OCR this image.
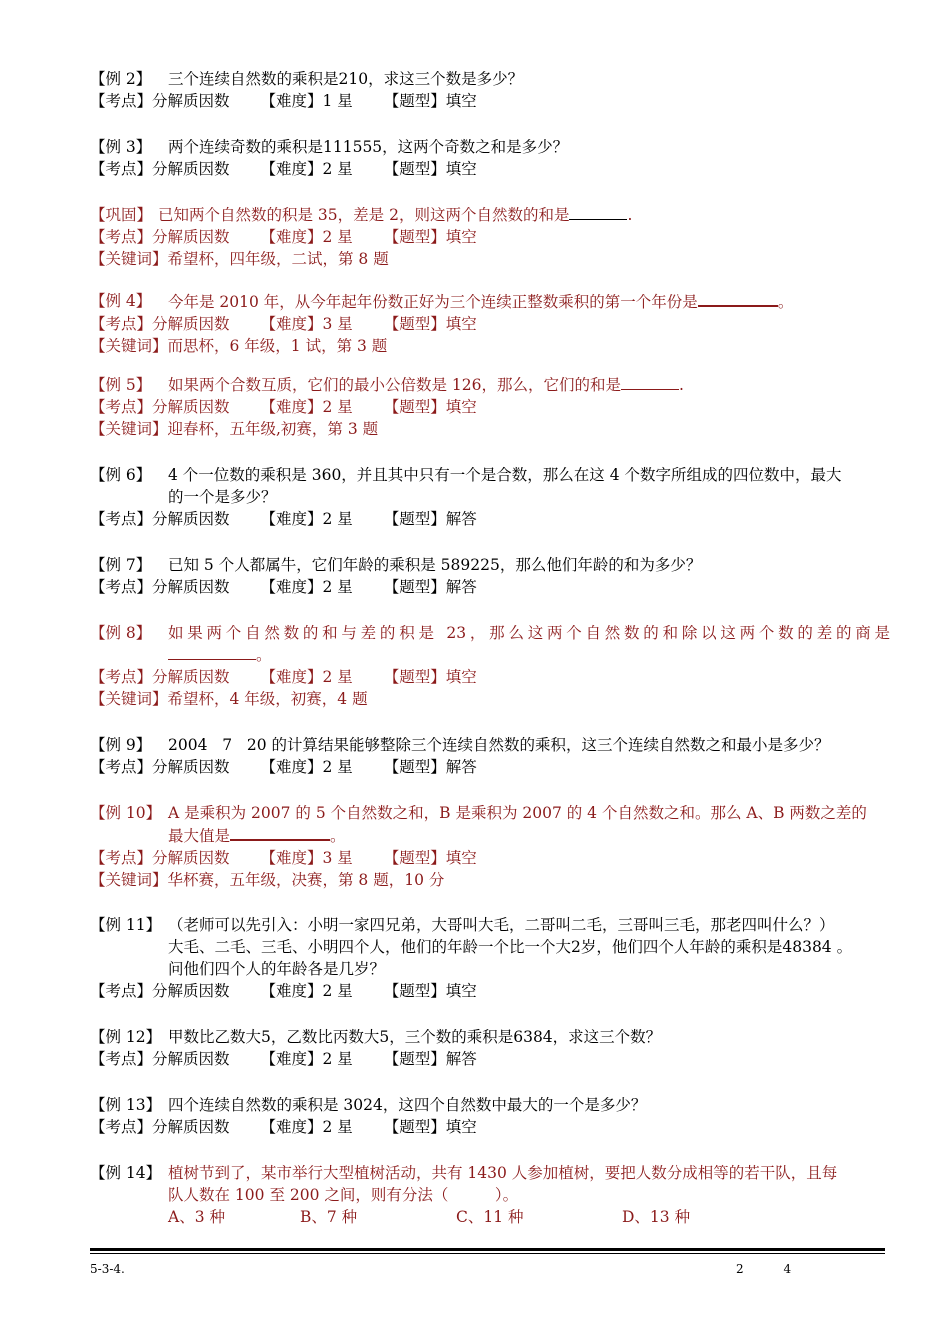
【例 2】	三个连续自然数的乘积是210，求这三个数是多少？
【考点】分解质因数 【难度】1 星 【题型】填空
【例 3】	两个连续奇数的乘积是111555，这两个奇数之和是多少？
【考点】分解质因数 【难度】2 星 【题型】填空
【巩固】 已知两个自然数的积是 35，差是 2，则这两个自然数的和是	.
【考点】分解质因数 【难度】2 星 【题型】填空
【关键词】希望杯，四年级，二试，第 8 题
【例 4】	今年是 2010 年，从今年起年份数正好为三个连续正整数乘积的第一个年份是	。
【考点】分解质因数 【难度】3 星 【题型】填空
【关键词】而思杯，6 年级，1 试，第 3 题
【例 5】	如果两个合数互质，它们的最小公倍数是 126，那么，它们的和是	.
【考点】分解质因数 【难度】2 星 【题型】填空
【关键词】迎春杯，五年级,初赛，第 3 题
【例 6】	4 个一位数的乘积是 360，并且其中只有一个是合数，那么在这 4 个数字所组成的四位数中，最大
的一个是多少？
【考点】分解质因数 【难度】2 星 【题型】解答
【例 7】	已知 5 个人都属牛，它们年龄的乘积是 589225，那么他们年龄的和为多少？
【考点】分解质因数 【难度】2 星 【题型】解答
【例 8】	如果两个自然数的和与差的积是 23，那么这两个自然数的和除以这两个数的差的商是
。
【考点】分解质因数 【难度】2 星 【题型】填空
【关键词】希望杯，4 年级，初赛，4 题
【例 9】	2004   7   20 的计算结果能够整除三个连续自然数的乘积，这三个连续自然数之和最小是多少？
【考点】分解质因数 【难度】2 星 【题型】解答
【例 10】 A 是乘积为 2007 的 5 个自然数之和，B 是乘积为 2007 的 4 个自然数之和。那么 A、B 两数之差的
最大值是	。
【考点】分解质因数 【难度】3 星 【题型】填空
【关键词】华杯赛，五年级，决赛，第 8 题，10 分
【例 11】 （老师可以先引入：小明一家四兄弟，大哥叫大毛，二哥叫二毛，三哥叫三毛，那老四叫什么？）
大毛、二毛、三毛、小明四个人，他们的年龄一个比一个大2岁，他们四个人年龄的乘积是48384 。
问他们四个人的年龄各是几岁？
【考点】分解质因数 【难度】2 星 【题型】填空
【例 12】 甲数比乙数大5，乙数比丙数大5，三个数的乘积是6384，求这三个数？
【考点】分解质因数 【难度】2 星 【题型】解答
【例 13】 四个连续自然数的乘积是 3024，这四个自然数中最大的一个是多少？
【考点】分解质因数 【难度】2 星 【题型】填空
【例 14】 植树节到了，某市举行大型植树活动，共有 1430 人参加植树，要把人数分成相等的若干队，且每
队人数在 100 至 200 之间，则有分法（　　　）。
A、3 种	B、7 种	C、11 种	D、13 种
5-3-4.	2 4
